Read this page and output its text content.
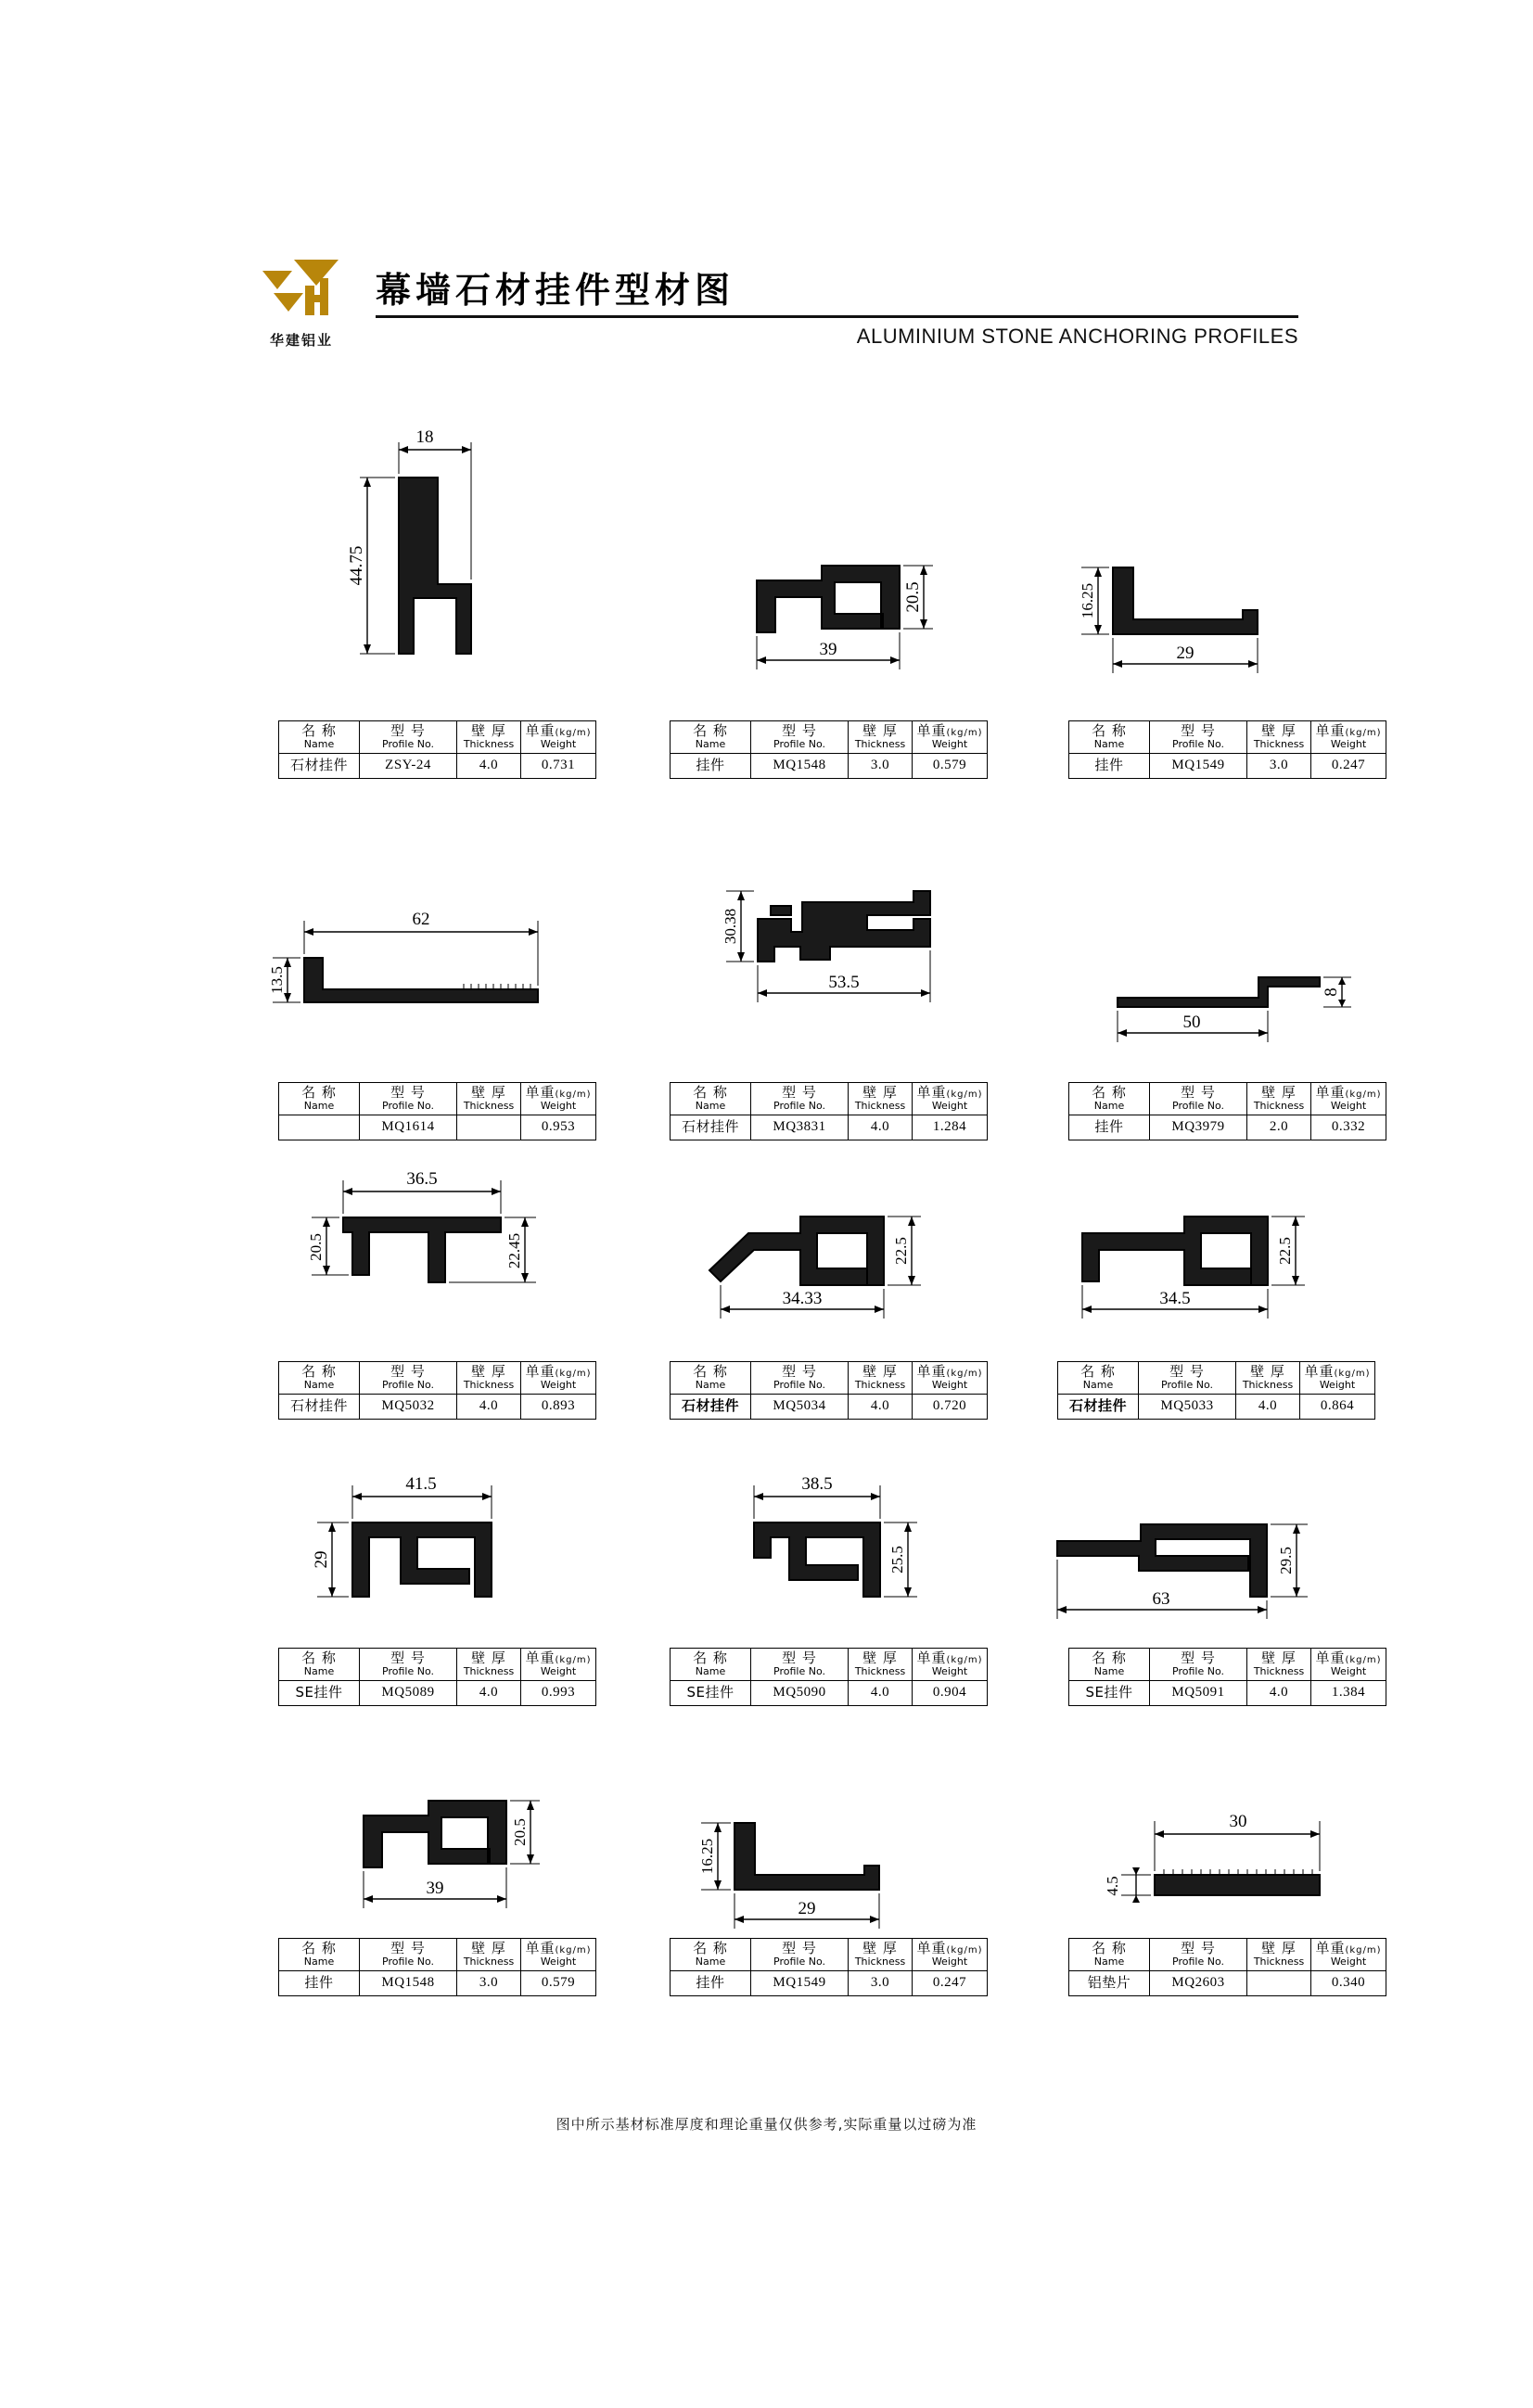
华建铝业
幕墙石材挂件型材图
ALUMINIUM STONE ANCHORING PROFILES
18
44.75
名 称
Name

型 号
Profile No.

壁 厚
Thickness

单重(kg/m)
Weight

石材挂件	ZSY-24	4.0	0.731
20.5
39
名 称
Name

型 号
Profile No.

壁 厚
Thickness

单重(kg/m)
Weight

挂件	MQ1548	3.0	0.579
16.25
29
名 称
Name

型 号
Profile No.

壁 厚
Thickness

单重(kg/m)
Weight

挂件	MQ1549	3.0	0.247
62
13.5
名 称
Name

型 号
Profile No.

壁 厚
Thickness

单重(kg/m)
Weight

	MQ1614		0.953
30.38
53.5
名 称
Name

型 号
Profile No.

壁 厚
Thickness

单重(kg/m)
Weight

石材挂件	MQ3831	4.0	1.284
8
50
名 称
Name

型 号
Profile No.

壁 厚
Thickness

单重(kg/m)
Weight

挂件	MQ3979	2.0	0.332
36.5
20.5	22.45
名 称
Name

型 号
Profile No.

壁 厚
Thickness

单重(kg/m)
Weight

石材挂件	MQ5032	4.0	0.893
22.5
34.33
名 称
Name

型 号
Profile No.

壁 厚
Thickness

单重(kg/m)
Weight

石材挂件	MQ5034	4.0	0.720
22.5
34.5
名 称
Name

型 号
Profile No.

壁 厚
Thickness

单重(kg/m)
Weight

石材挂件	MQ5033	4.0	0.864
41.5
29
名 称
Name

型 号
Profile No.

壁 厚
Thickness

单重(kg/m)
Weight

SE挂件	MQ5089	4.0	0.993
38.5
25.5
名 称
Name

型 号
Profile No.

壁 厚
Thickness

单重(kg/m)
Weight

SE挂件	MQ5090	4.0	0.904
29.5
63
名 称
Name

型 号
Profile No.

壁 厚
Thickness

单重(kg/m)
Weight

SE挂件	MQ5091	4.0	1.384
20.5
39
名 称
Name

型 号
Profile No.

壁 厚
Thickness

单重(kg/m)
Weight

挂件	MQ1548	3.0	0.579
16.25
29
名 称
Name

型 号
Profile No.

壁 厚
Thickness

单重(kg/m)
Weight

挂件	MQ1549	3.0	0.247
30
4.5
名 称
Name

型 号
Profile No.

壁 厚
Thickness

单重(kg/m)
Weight

铝垫片	MQ2603		0.340
图中所示基材标准厚度和理论重量仅供参考,实际重量以过磅为准
